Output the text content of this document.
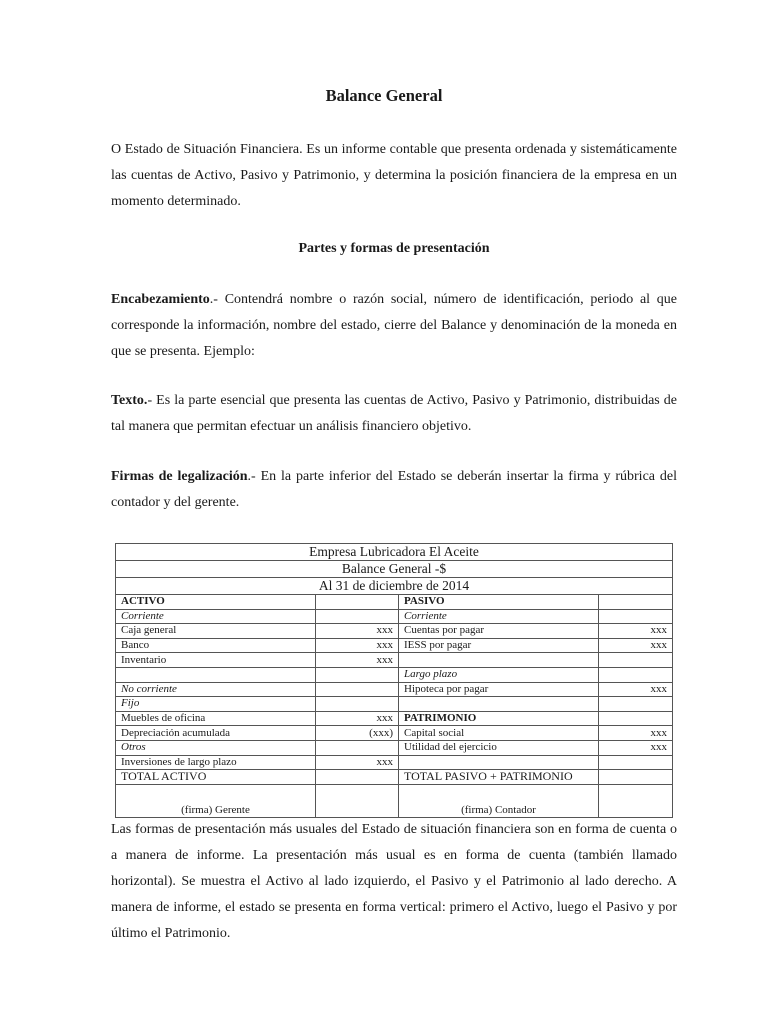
Balance General

O Estado de Situación Financiera. Es un informe contable que presenta ordenada y sistemáticamente las cuentas de Activo, Pasivo y Patrimonio, y determina la posición financiera de la empresa en un momento determinado.

Partes y formas de presentación

Encabezamiento.- Contendrá nombre o razón social, número de identificación, periodo al que corresponde la información, nombre del estado, cierre del Balance y denominación de la moneda en que se presenta. Ejemplo:

Texto.- Es la parte esencial que presenta las cuentas de Activo, Pasivo y Patrimonio, distribuidas de tal manera que permitan efectuar un análisis financiero objetivo.

Firmas de legalización.- En la parte inferior del Estado se deberán insertar la firma y rúbrica del contador y del gerente.

Empresa Lubricadora El Aceite			
Balance General -$			
Al 31 de diciembre de 2014			
ACTIVO		PASIVO	
Corriente		Corriente	
Caja general	xxx	Cuentas por pagar	xxx
Banco	xxx	IESS por pagar	xxx
Inventario	xxx		
		Largo plazo	
No corriente		Hipoteca por pagar	xxx
Fijo			
Muebles de oficina	xxx	PATRIMONIO	
Depreciación acumulada	(xxx)	Capital social	xxx
Otros		Utilidad del ejercicio	xxx
Inversiones de largo plazo	xxx		
TOTAL ACTIVO		TOTAL PASIVO + PATRIMONIO	
(firma) Gerente		(firma) Contador	

Las formas de presentación más usuales del Estado de situación financiera son en forma de cuenta o a manera de informe. La presentación más usual es en forma de cuenta (también llamado horizontal). Se muestra el Activo al lado izquierdo, el Pasivo y el Patrimonio al lado derecho. A manera de informe, el estado se presenta en forma vertical: primero el Activo, luego el Pasivo y por último el Patrimonio.
